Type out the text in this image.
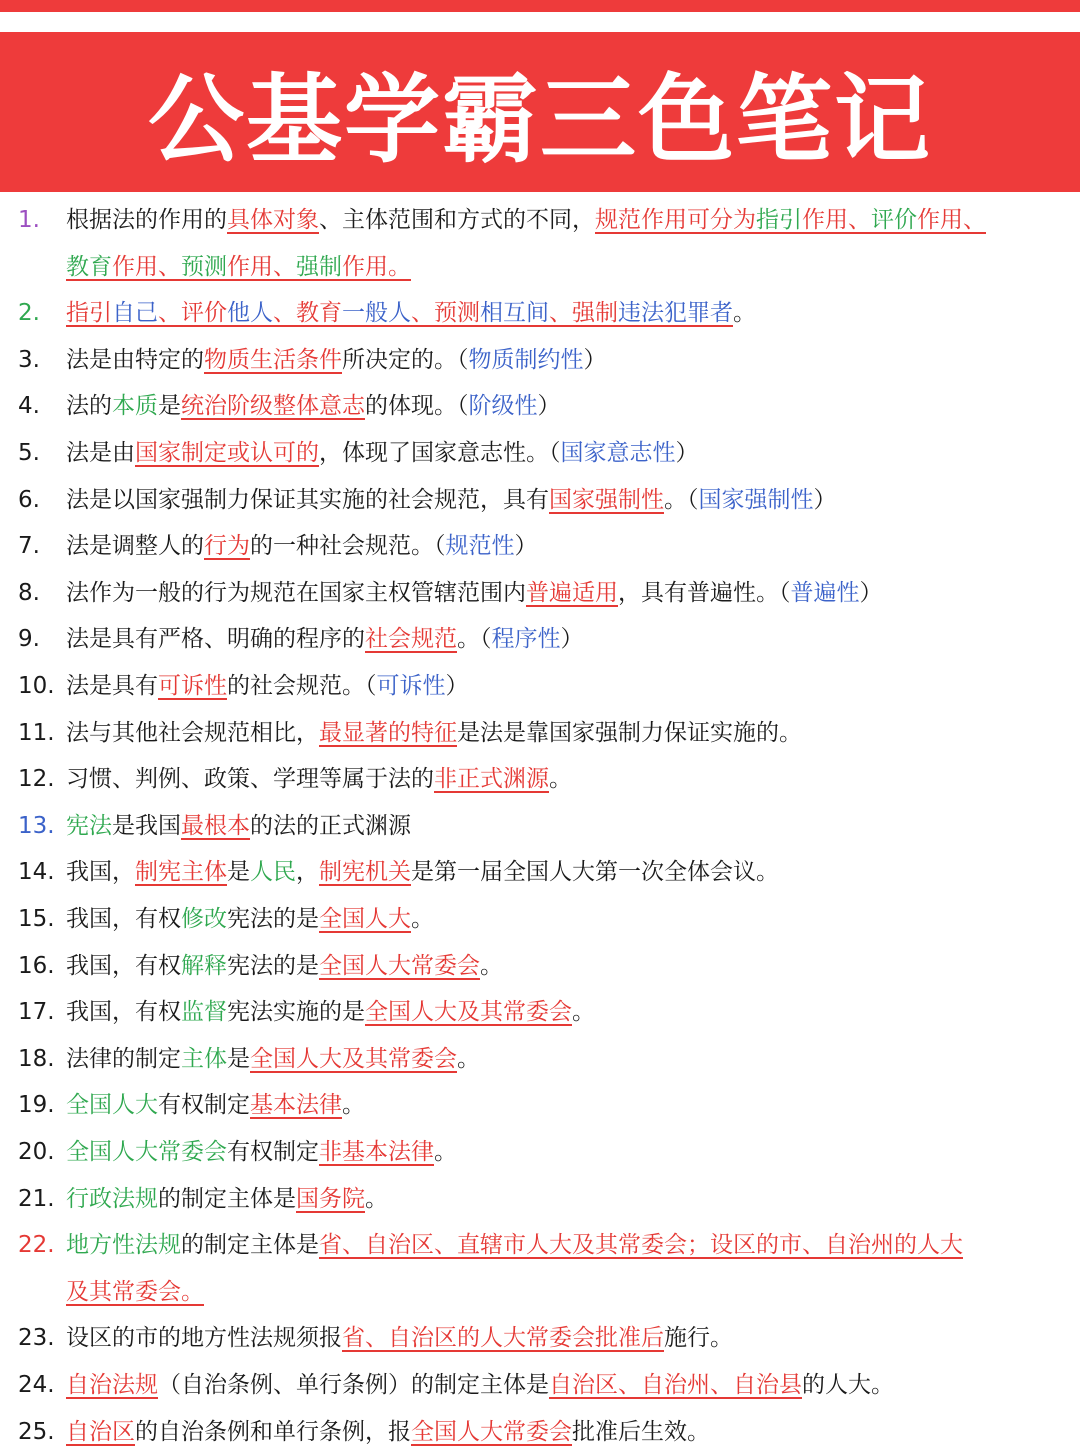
公基学霸三色笔记
1. 根据法的作用的具体对象、主体范围和方式的不同，规范作用可分为指引作用、评价作用、
教育作用、预测作用、强制作用。
2. 指引自己、评价他人、教育一般人、预测相互间、强制违法犯罪者。
3. 法是由特定的物质生活条件所决定的。（物质制约性）
4. 法的本质是统治阶级整体意志的体现。（阶级性）
5. 法是由国家制定或认可的，体现了国家意志性。（国家意志性）
6. 法是以国家强制力保证其实施的社会规范，具有国家强制性。（国家强制性）
7. 法是调整人的行为的一种社会规范。（规范性）
8. 法作为一般的行为规范在国家主权管辖范围内普遍适用，具有普遍性。（普遍性）
9. 法是具有严格、明确的程序的社会规范。（程序性）
10. 法是具有可诉性的社会规范。（可诉性）
11. 法与其他社会规范相比，最显著的特征是法是靠国家强制力保证实施的。
12. 习惯、判例、政策、学理等属于法的非正式渊源。
13. 宪法是我国最根本的法的正式渊源
14. 我国，制宪主体是人民，制宪机关是第一届全国人大第一次全体会议。
15. 我国，有权修改宪法的是全国人大。
16. 我国，有权解释宪法的是全国人大常委会。
17. 我国，有权监督宪法实施的是全国人大及其常委会。
18. 法律的制定主体是全国人大及其常委会。
19. 全国人大有权制定基本法律。
20. 全国人大常委会有权制定非基本法律。
21. 行政法规的制定主体是国务院。
22. 地方性法规的制定主体是省、自治区、直辖市人大及其常委会；设区的市、自治州的人大
及其常委会。
23. 设区的市的地方性法规须报省、自治区的人大常委会批准后施行。
24. 自治法规（自治条例、单行条例）的制定主体是自治区、自治州、自治县的人大。
25. 自治区的自治条例和单行条例，报全国人大常委会批准后生效。
